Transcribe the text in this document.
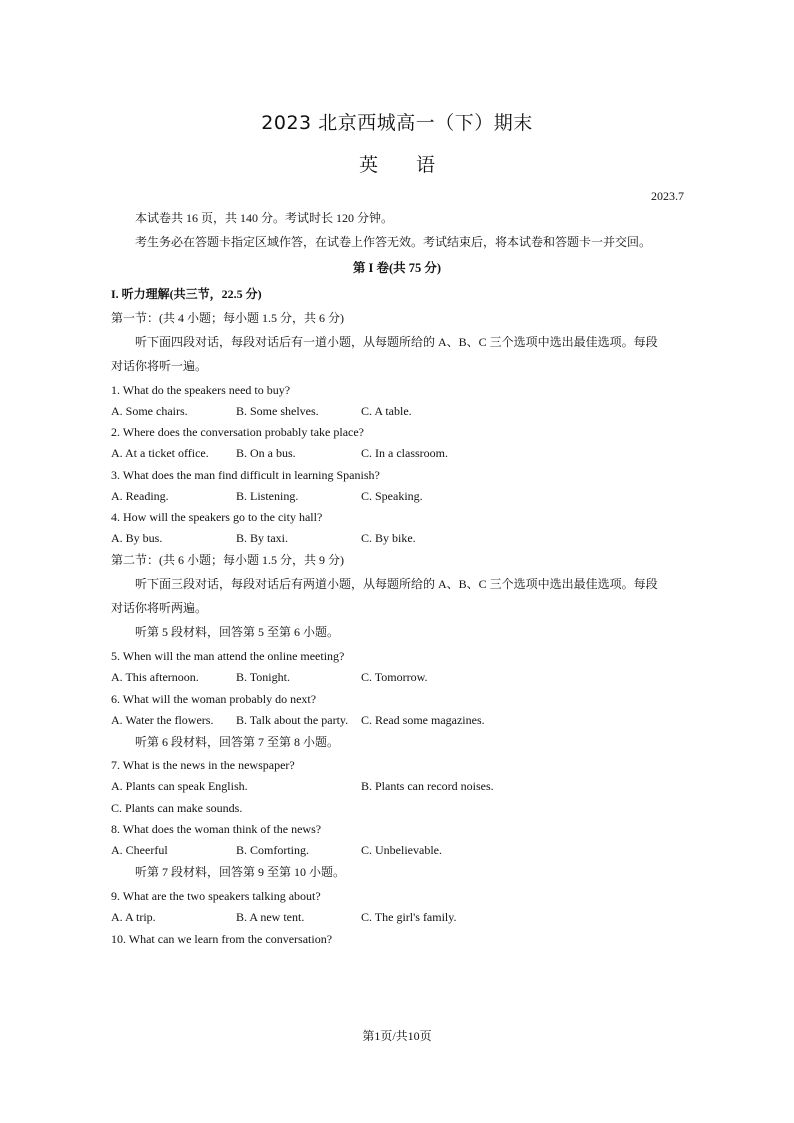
2023 北京西城高一（下）期末
英语
2023.7
本试卷共 16 页，共 140 分。考试时长 120 分钟。
考生务必在答题卡指定区域作答，在试卷上作答无效。考试结束后，将本试卷和答题卡一并交回。
第 I 卷(共 75 分)
I. 听力理解(共三节，22.5 分)
第一节：(共 4 小题；每小题 1.5 分，共 6 分)
听下面四段对话，每段对话后有一道小题，从每题所给的 A、B、C 三个选项中选出最佳选项。每段
对话你将听一遍。
1. What do the speakers need to buy?
A. Some chairs.	B. Some shelves.	C. A table.
2. Where does the conversation probably take place?
A. At a ticket office. B. On a bus.	C. In a classroom.
3. What does the man find difficult in learning Spanish?
A. Reading.	B. Listening.	C. Speaking.
4. How will the speakers go to the city hall?
A. By bus.	B. By taxi.	C. By bike.
第二节：(共 6 小题；每小题 1.5 分，共 9 分)
听下面三段对话，每段对话后有两道小题，从每题所给的 A、B、C 三个选项中选出最佳选项。每段
对话你将听两遍。
听第 5 段材料，回答第 5 至第 6 小题。
5. When will the man attend the online meeting?
A. This afternoon.	B. Tonight.	C. Tomorrow.
6. What will the woman probably do next?
A. Water the flowers. B. Talk about the party. C. Read some magazines.
听第 6 段材料，回答第 7 至第 8 小题。
7. What is the news in the newspaper?
A. Plants can speak English.	B. Plants can record noises.
C. Plants can make sounds.
8. What does the woman think of the news?
A. Cheerful	B. Comforting.	C. Unbelievable.
听第 7 段材料，回答第 9 至第 10 小题。
9. What are the two speakers talking about?
A. A trip.	B. A new tent.	C. The girl's family.
10. What can we learn from the conversation?
第1页/共10页
